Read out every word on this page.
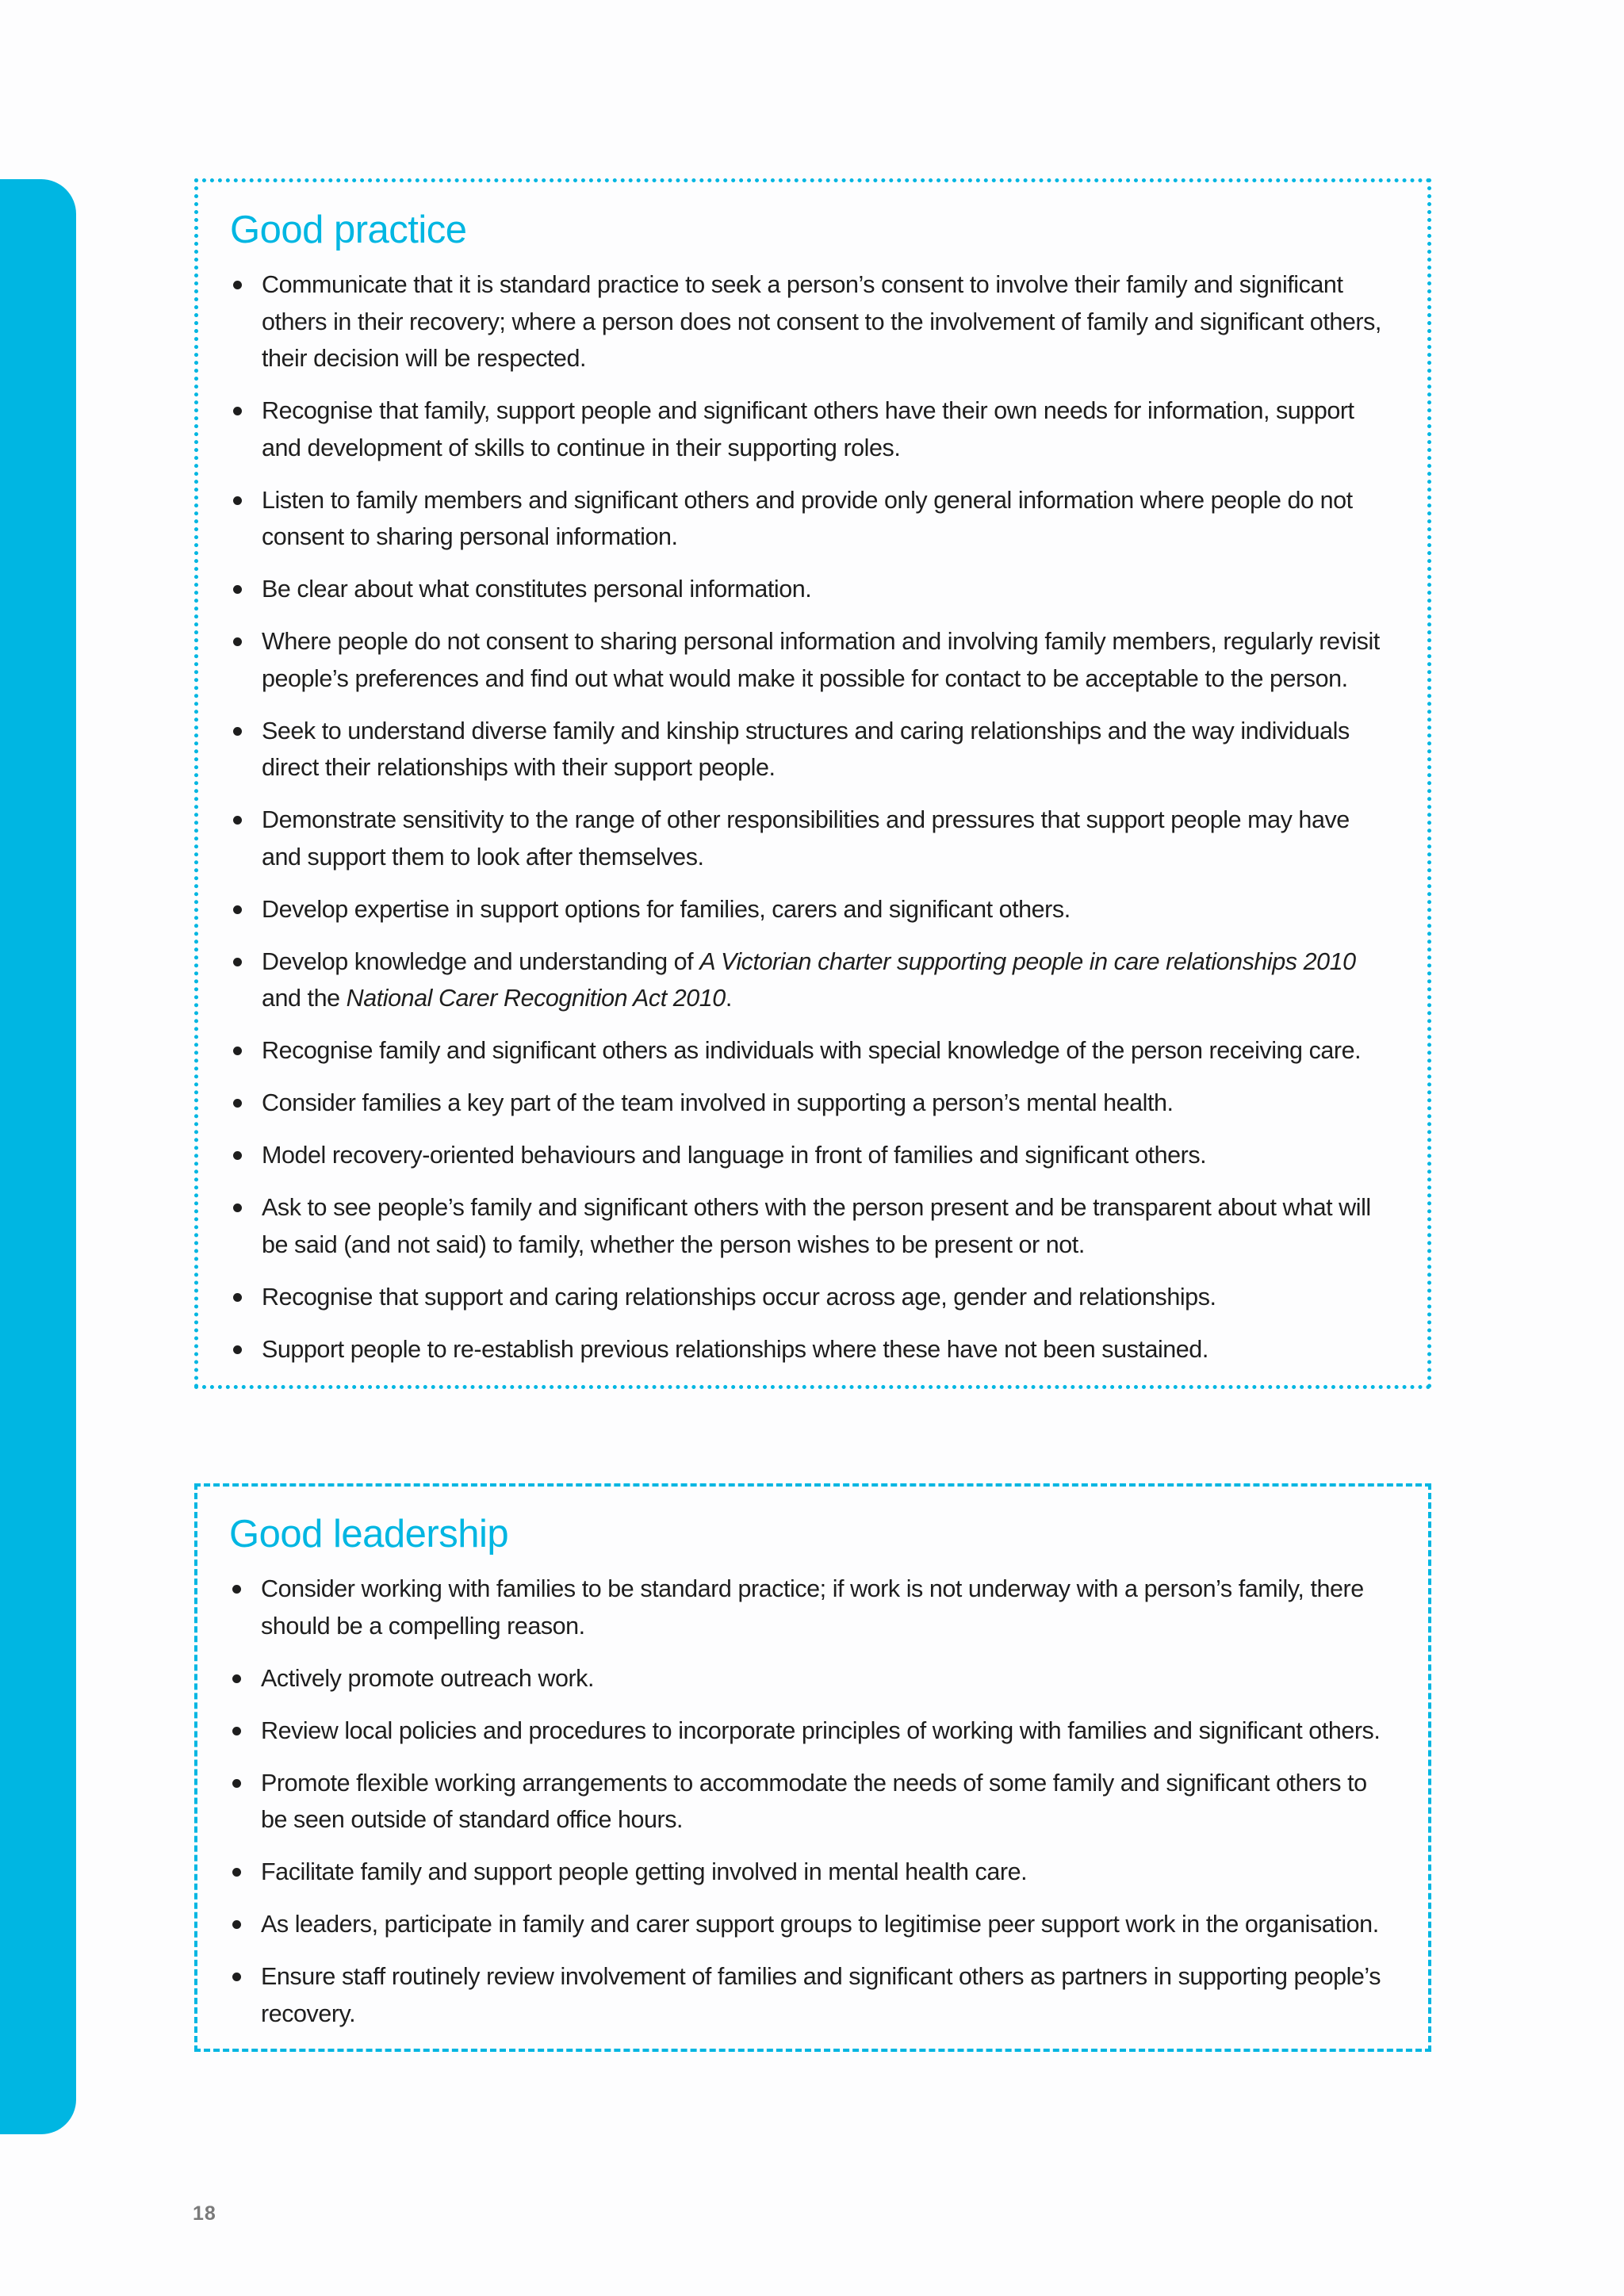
Good practice
Communicate that it is standard practice to seek a person’s consent to involve their family and significant others in their recovery; where a person does not consent to the involvement of family and significant others, their decision will be respected.
Recognise that family, support people and significant others have their own needs for information, support and development of skills to continue in their supporting roles.
Listen to family members and significant others and provide only general information where people do not consent to sharing personal information.
Be clear about what constitutes personal information.
Where people do not consent to sharing personal information and involving family members, regularly revisit people’s preferences and find out what would make it possible for contact to be acceptable to the person.
Seek to understand diverse family and kinship structures and caring relationships and the way individuals direct their relationships with their support people.
Demonstrate sensitivity to the range of other responsibilities and pressures that support people may have and support them to look after themselves.
Develop expertise in support options for families, carers and significant others.
Develop knowledge and understanding of A Victorian charter supporting people in care relationships 2010 and the National Carer Recognition Act 2010.
Recognise family and significant others as individuals with special knowledge of the person receiving care.
Consider families a key part of the team involved in supporting a person’s mental health.
Model recovery-oriented behaviours and language in front of families and significant others.
Ask to see people’s family and significant others with the person present and be transparent about what will be said (and not said) to family, whether the person wishes to be present or not.
Recognise that support and caring relationships occur across age, gender and relationships.
Support people to re-establish previous relationships where these have not been sustained.
Good leadership
Consider working with families to be standard practice; if work is not underway with a person’s family, there should be a compelling reason.
Actively promote outreach work.
Review local policies and procedures to incorporate principles of working with families and significant others.
Promote flexible working arrangements to accommodate the needs of some family and significant others to be seen outside of standard office hours.
Facilitate family and support people getting involved in mental health care.
As leaders, participate in family and carer support groups to legitimise peer support work in the organisation.
Ensure staff routinely review involvement of families and significant others as partners in supporting people’s recovery.
18
